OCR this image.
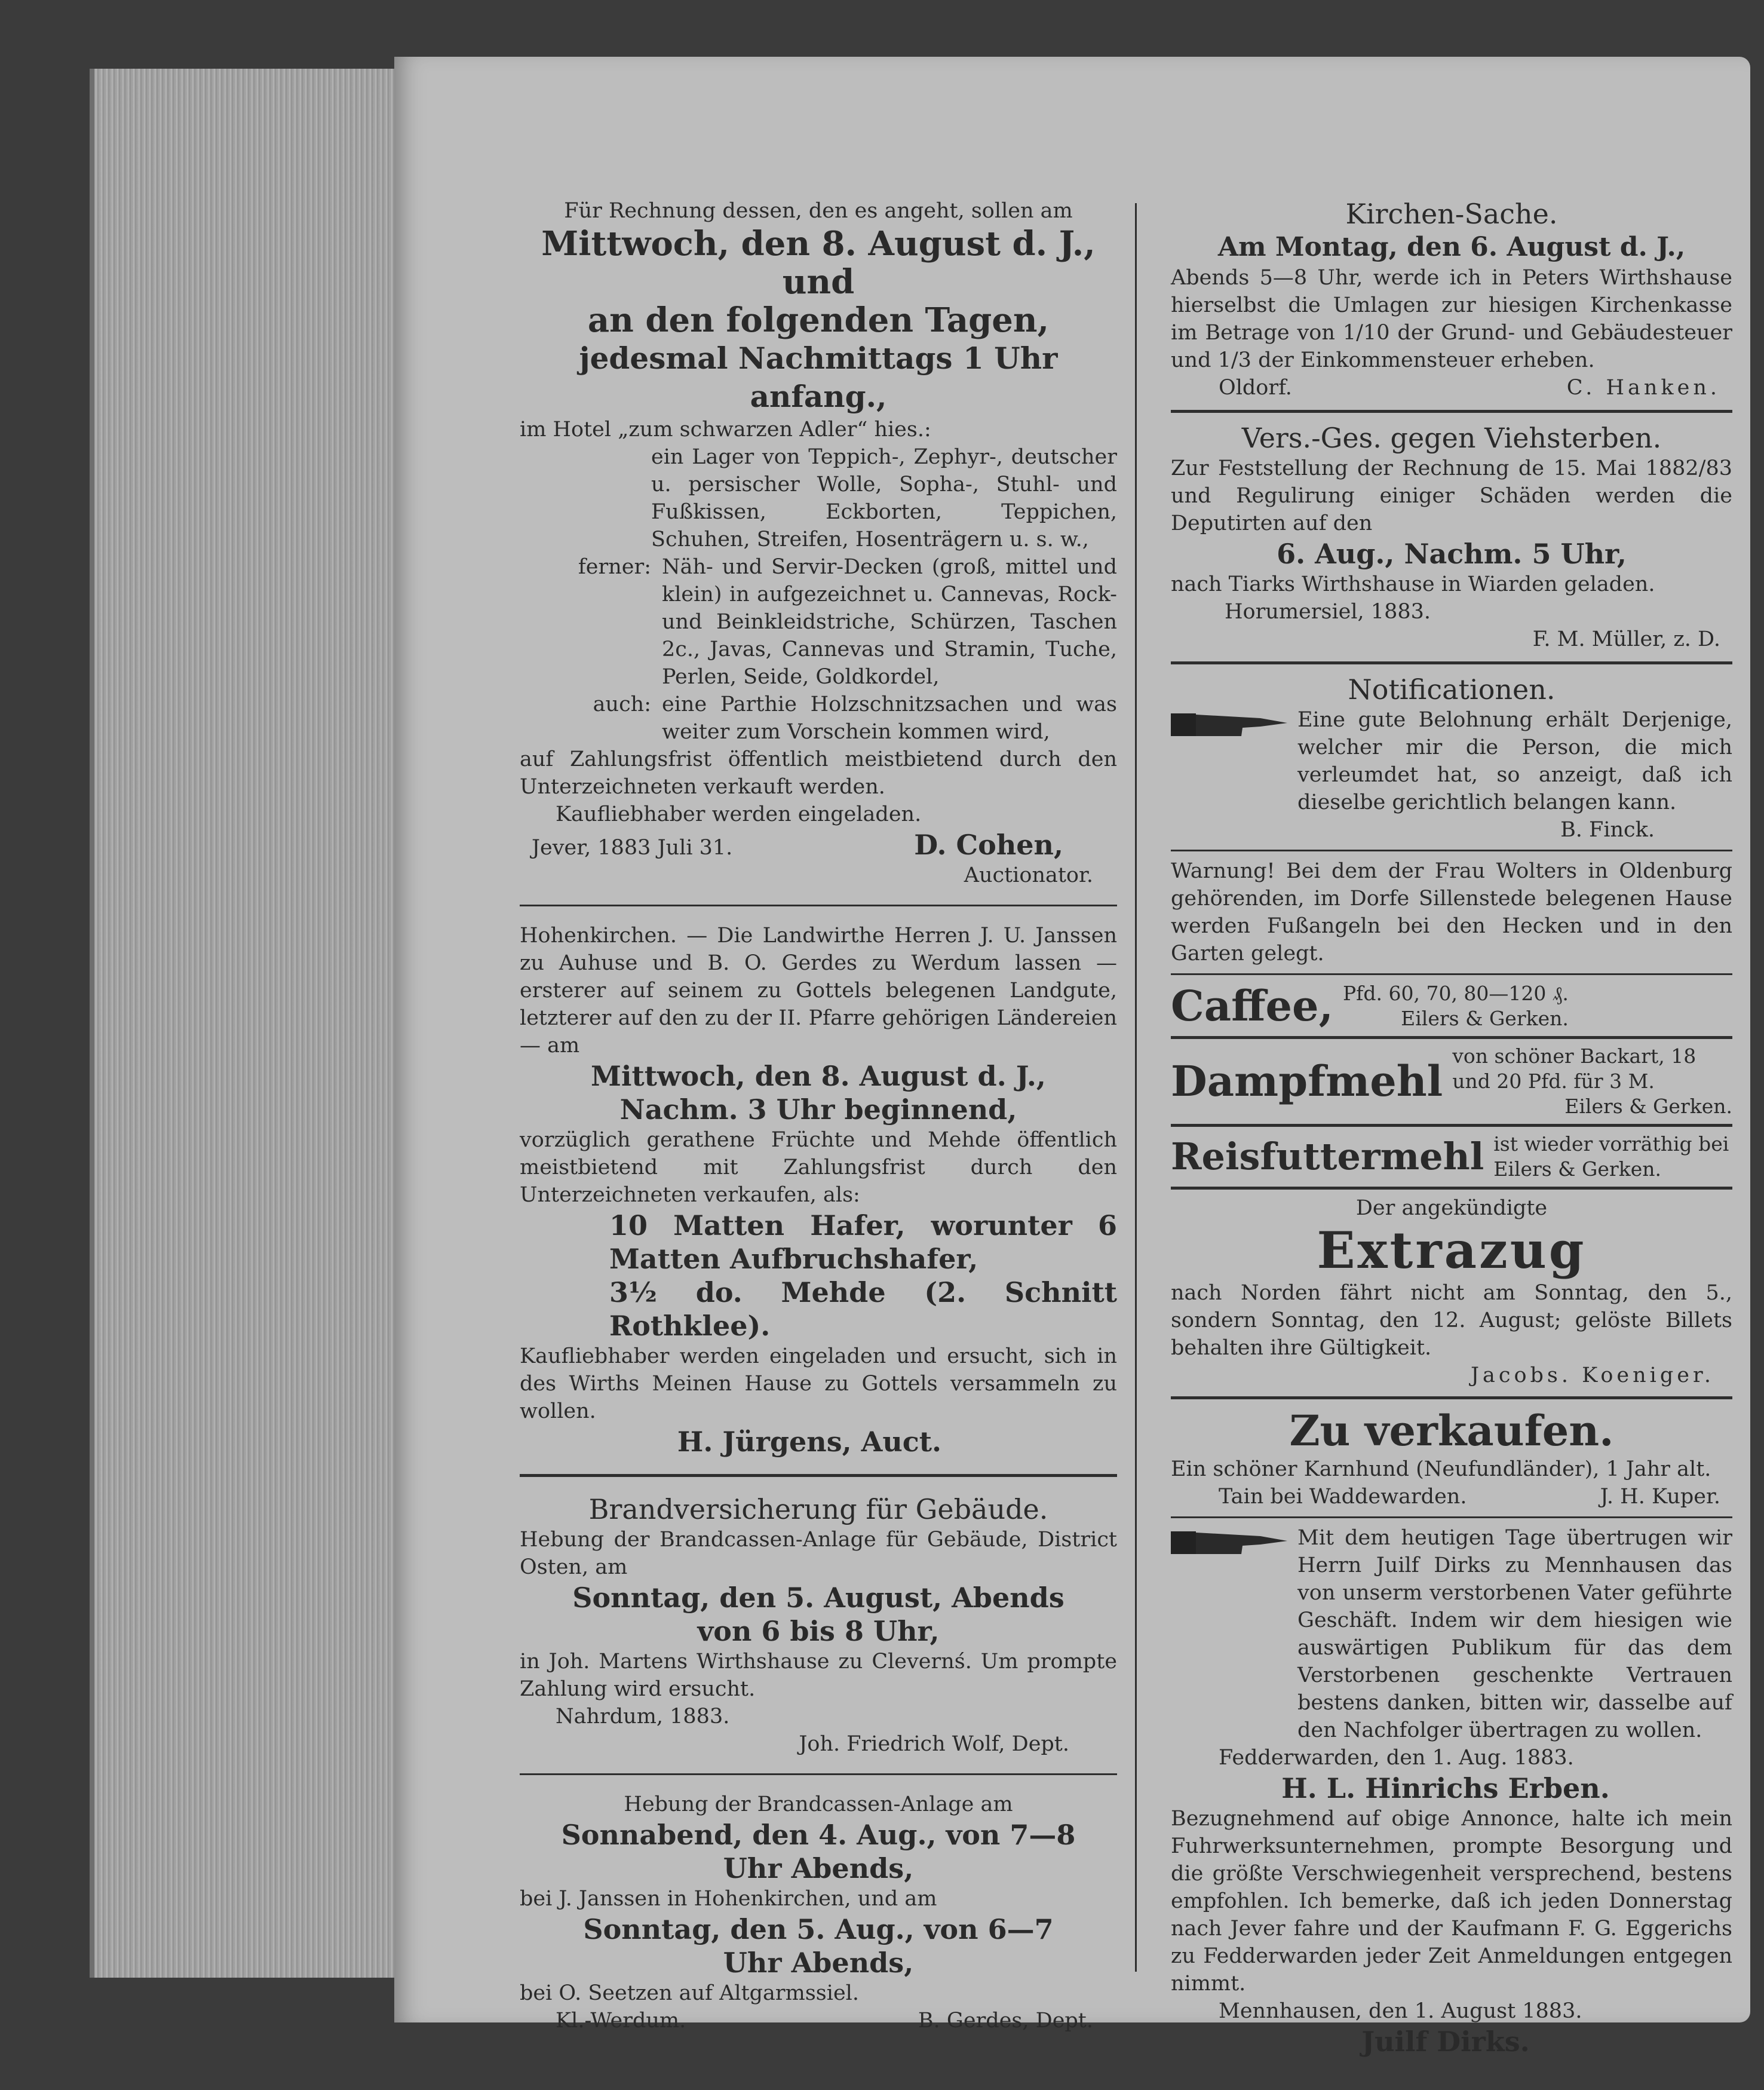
Für Rechnung dessen, den es angeht, sollen am

Mittwoch, den 8. August d. J., und

an den folgenden Tagen,

jedesmal Nachmittags 1 Uhr anfang.,

im Hotel „zum schwarzen Adler“ hies.:

ein Lager von Teppich-, Zephyr-, deutscher u. persischer Wolle, Sopha-, Stuhl- und Fußkissen, Eckborten, Teppichen, Schuhen, Streifen, Hosenträgern u. s. w.,

ferner: Näh- und Servir-Decken (groß, mittel und klein) in aufgezeichnet u. Cannevas, Rock- und Beinkleidstriche, Schürzen, Taschen 2c., Javas, Cannevas und Stramin, Tuche, Perlen, Seide, Goldkordel,

auch: eine Parthie Holzschnitzsachen und was weiter zum Vorschein kommen wird,

auf Zahlungsfrist öffentlich meistbietend durch den Unterzeichneten verkauft werden.

Kaufliebhaber werden eingeladen.

Jever, 1883 Juli 31.	D. Cohen,

Auctionator.

Hohenkirchen. — Die Landwirthe Herren J. U. Janssen zu Auhuse und B. O. Gerdes zu Werdum lassen — ersterer auf seinem zu Gottels belegenen Landgute, letzterer auf den zu der II. Pfarre gehörigen Ländereien — am

Mittwoch, den 8. August d. J.,

Nachm. 3 Uhr beginnend,

vorzüglich gerathene Früchte und Mehde öffentlich meistbietend mit Zahlungsfrist durch den Unterzeichneten verkaufen, als:

10 Matten Hafer, worunter 6 Matten Aufbruchshafer,

3½ do. Mehde (2. Schnitt Rothklee).

Kaufliebhaber werden eingeladen und ersucht, sich in des Wirths Meinen Hause zu Gottels versammeln zu wollen.

H. Jürgens, Auct.

Brandversicherung für Gebäude.

Hebung der Brandcassen-Anlage für Gebäude, District Osten, am

Sonntag, den 5. August, Abends

von 6 bis 8 Uhr,

in Joh. Martens Wirthshause zu Clevernś. Um prompte Zahlung wird ersucht.

Nahrdum, 1883.

Joh. Friedrich Wolf, Dept.

Hebung der Brandcassen-Anlage am

Sonnabend, den 4. Aug., von 7—8

Uhr Abends,

bei J. Janssen in Hohenkirchen, und am

Sonntag, den 5. Aug., von 6—7

Uhr Abends,

bei O. Seetzen auf Altgarmssiel.

Kl.-Werdum.	B. Gerdes, Dept.

Kirchen-Sache.

Am Montag, den 6. August d. J.,

Abends 5—8 Uhr, werde ich in Peters Wirthshause hierselbst die Umlagen zur hiesigen Kirchenkasse im Betrage von 1/10 der Grund- und Gebäudesteuer und 1/3 der Einkommensteuer erheben.

Oldorf.	C. Hanken.

Vers.-Ges. gegen Viehsterben.

Zur Feststellung der Rechnung de 15. Mai 1882/83 und Regulirung einiger Schäden werden die Deputirten auf den

6. Aug., Nachm. 5 Uhr,

nach Tiarks Wirthshause in Wiarden geladen.

Horumersiel, 1883.

F. M. Müller, z. D.

Notificationen.

Eine gute Belohnung erhält Derjenige, welcher mir die Person, die mich verleumdet hat, so anzeigt, daß ich dieselbe gerichtlich belangen kann.

B. Finck.

Warnung! Bei dem der Frau Wolters in Oldenburg gehörenden, im Dorfe Sillenstede belegenen Hause werden Fußangeln bei den Hecken und in den Garten gelegt.

Caffee, Pfd. 60, 70, 80—120 ₰.

Eilers & Gerken.

Dampfmehl

von schöner Backart, 18 und 20 Pfd. für 3 M.

Eilers & Gerken.

Reisfuttermehl ist wieder vorräthig bei

Eilers & Gerken.

Der angekündigte

Extrazug

nach Norden fährt nicht am Sonntag, den 5., sondern Sonntag, den 12. August; gelöste Billets behalten ihre Gültigkeit.

Jacobs. Koeniger.

Zu verkaufen.

Ein schöner Karnhund (Neufundländer), 1 Jahr alt.

Tain bei Waddewarden.	J. H. Kuper.

Mit dem heutigen Tage übertrugen wir Herrn Juilf Dirks zu Mennhausen das von unserm verstorbenen Vater geführte Geschäft. Indem wir dem hiesigen wie auswärtigen Publikum für das dem Verstorbenen geschenkte Vertrauen bestens danken, bitten wir, dasselbe auf den Nachfolger übertragen zu wollen.

Fedderwarden, den 1. Aug. 1883.

H. L. Hinrichs Erben.

Bezugnehmend auf obige Annonce, halte ich mein Fuhrwerksunternehmen, prompte Besorgung und die größte Verschwiegenheit versprechend, bestens empfohlen. Ich bemerke, daß ich jeden Donnerstag nach Jever fahre und der Kaufmann F. G. Eggerichs zu Fedderwarden jeder Zeit Anmeldungen entgegen nimmt.

Mennhausen, den 1. August 1883.

Juilf Dirks.
